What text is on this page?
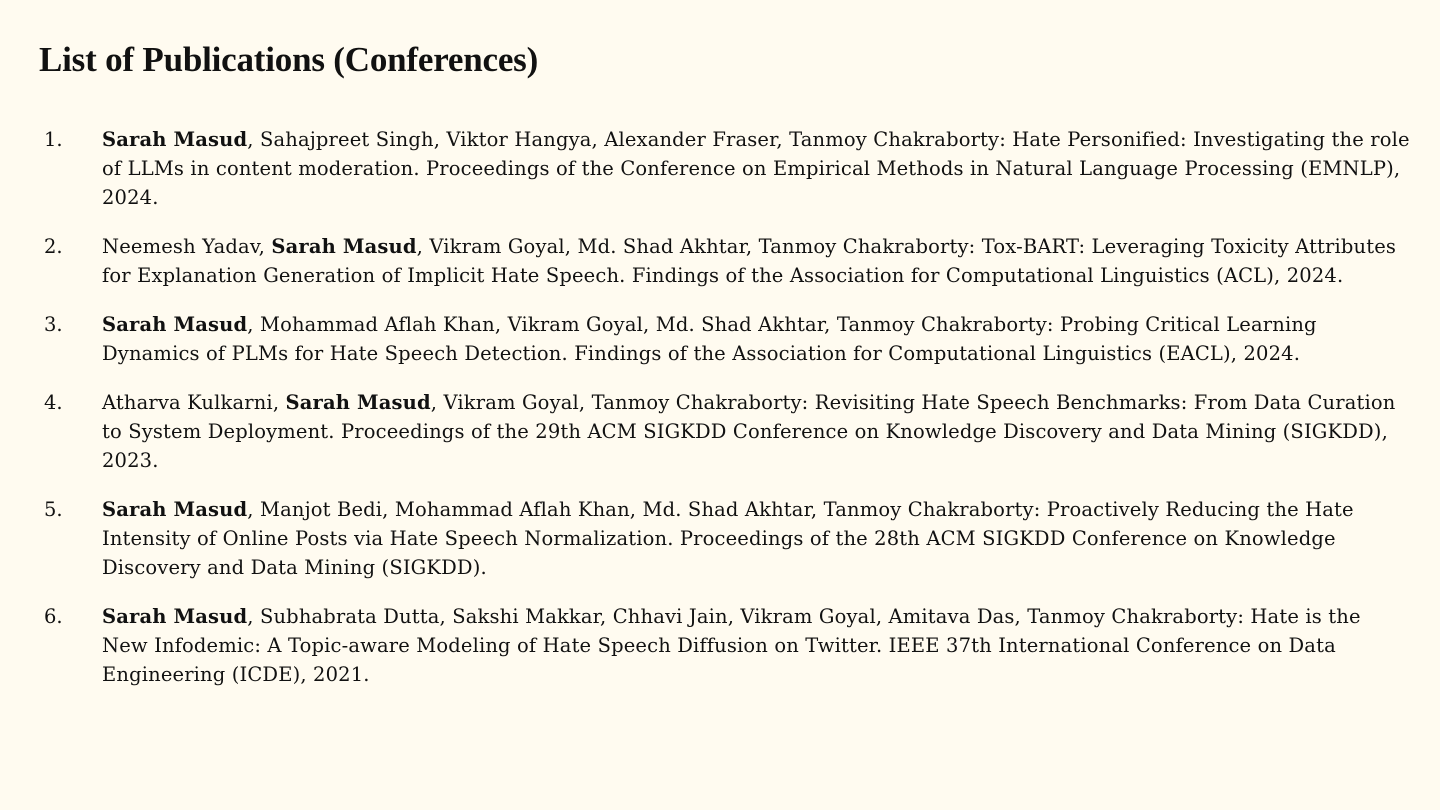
List of Publications (Conferences)
1.	Sarah Masud, Sahajpreet Singh, Viktor Hangya, Alexander Fraser, Tanmoy Chakraborty: Hate Personified: Investigating the role of LLMs in content moderation. Proceedings of the Conference on Empirical Methods in Natural Language Processing (EMNLP), 2024.
2.	Neemesh Yadav, Sarah Masud, Vikram Goyal, Md. Shad Akhtar, Tanmoy Chakraborty: Tox-BART: Leveraging Toxicity Attributes for Explanation Generation of Implicit Hate Speech. Findings of the Association for Computational Linguistics (ACL), 2024.
3.	Sarah Masud, Mohammad Aflah Khan, Vikram Goyal, Md. Shad Akhtar, Tanmoy Chakraborty: Probing Critical Learning Dynamics of PLMs for Hate Speech Detection. Findings of the Association for Computational Linguistics (EACL), 2024.
4.	Atharva Kulkarni, Sarah Masud, Vikram Goyal, Tanmoy Chakraborty: Revisiting Hate Speech Benchmarks: From Data Curation to System Deployment. Proceedings of the 29th ACM SIGKDD Conference on Knowledge Discovery and Data Mining (SIGKDD), 2023.
5.	Sarah Masud, Manjot Bedi, Mohammad Aflah Khan, Md. Shad Akhtar, Tanmoy Chakraborty: Proactively Reducing the Hate Intensity of Online Posts via Hate Speech Normalization. Proceedings of the 28th ACM SIGKDD Conference on Knowledge Discovery and Data Mining (SIGKDD).
6.	Sarah Masud, Subhabrata Dutta, Sakshi Makkar, Chhavi Jain, Vikram Goyal, Amitava Das, Tanmoy Chakraborty: Hate is the New Infodemic: A Topic-aware Modeling of Hate Speech Diffusion on Twitter. IEEE 37th International Conference on Data Engineering (ICDE), 2021.
